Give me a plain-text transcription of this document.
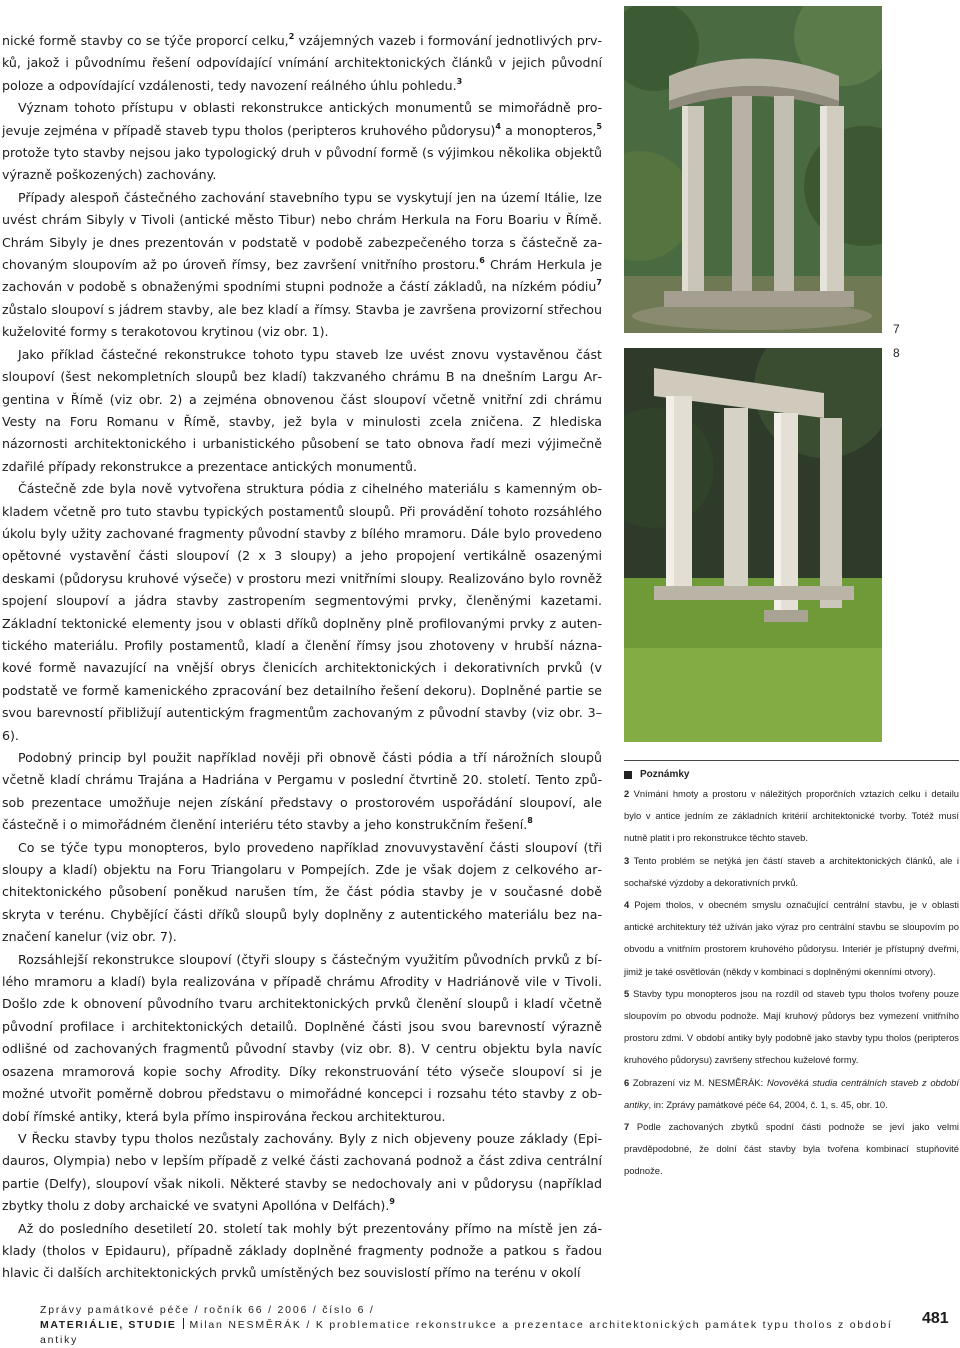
nické formě stavby co se týče proporcí celku,$^2$ vzájemných vazeb i formování jednotlivých prvků, jakož i původnímu řešení odpovídající vnímání architektonických článků v jejich původní poloze a odpovídající vzdálenosti, tedy navození reálného úhlu pohledu.$^3$

Význam tohoto přístupu v oblasti rekonstrukce antických monumentů se mimořádně projevuje zejména v případě staveb typu tholos (peripteros kruhového půdorysu)$^4$ a monopteros,$^5$ protože tyto stavby nejsou jako typologický druh v původní formě (s výjimkou několika objektů výrazně poškozených) zachovány.

Případy alespoň částečného zachování stavebního typu se vyskytují jen na území Itálie, lze uvést chrám Sibyly v Tivoli (antické město Tibur) nebo chrám Herkula na Foru Boariu v Římě. Chrám Sibyly je dnes prezentován v podstatě v podobě zabezpečeného torza s částečně zachovaným sloupovím až po úroveň římsy, bez završení vnitřního prostoru.$^6$ Chrám Herkula je zachován v podobě s obnaženými spodními stupni podnože a částí základů, na nízkém pódiu$^7$ zůstalo sloupoví s jádrem stavby, ale bez kladí a římsy. Stavba je završena provizorní střechou kuželovité formy s terakotovou krytinou (viz obr. 1).

Jako příklad částečné rekonstrukce tohoto typu staveb lze uvést znovu vystavěnou část sloupoví (šest nekompletních sloupů bez kladí) takzvaného chrámu B na dnešním Largu Argentina v Římě (viz obr. 2) a zejména obnovenou část sloupoví včetně vnitřní zdi chrámu Vesty na Foru Romanu v Římě, stavby, jež byla v minulosti zcela zničena. Z hlediska názornosti architektonického i urbanistického působení se tato obnova řadí mezi výjimečně zdařilé případy rekonstrukce a prezentace antických monumentů.

Částečně zde byla nově vytvořena struktura pódia z cihelného materiálu s kamenným obkladem včetně pro tuto stavbu typických postamentů sloupů. Při provádění tohoto rozsáhlého úkolu byly užity zachované fragmenty původní stavby z bílého mramoru. Dále bylo provedeno opětovné vystavění části sloupoví (2 x 3 sloupy) a jeho propojení vertikálně osazenými deskami (půdorysu kruhové výseče) v prostoru mezi vnitřními sloupy. Realizováno bylo rovněž spojení sloupoví a jádra stavby zastropením segmentovými prvky, členěnými kazetami. Základní tektonické elementy jsou v oblasti dříků doplněny plně profilovanými prvky z autentického materiálu. Profily postamentů, kladí a členění římsy jsou zhotoveny v hrubší náznakové formě navazující na vnější obrys členicích architektonických i dekorativních prvků (v podstatě ve formě kamenického zpracování bez detailního řešení dekoru). Doplněné partie se svou barevností přibližují autentickým fragmentům zachovaným z původní stavby (viz obr. 3–6).

Podobný princip byl použit například nověji při obnově části pódia a tří nárožních sloupů včetně kladí chrámu Trajána a Hadriána v Pergamu v poslední čtvrtině 20. století. Tento způsob prezentace umožňuje nejen získání představy o prostorovém uspořádání sloupoví, ale částečně i o mimořádném členění interiéru této stavby a jeho konstrukčním řešení.$^8$

Co se týče typu monopteros, bylo provedeno například znovuvystavění části sloupoví (tři sloupy a kladí) objektu na Foru Triangolaru v Pompejích. Zde je však dojem z celkového architektonického působení poněkud narušen tím, že část pódia stavby je v současné době skryta v terénu. Chybějící části dříků sloupů byly doplněny z autentického materiálu bez naznačení kanelur (viz obr. 7).

Rozsáhlejší rekonstrukce sloupoví (čtyři sloupy s částečným využitím původních prvků z bílého mramoru a kladí) byla realizována v případě chrámu Afrodity v Hadriánově vile v Tivoli. Došlo zde k obnovení původního tvaru architektonických prvků členění sloupů i kladí včetně původní profilace i architektonických detailů. Doplněné části jsou svou barevností výrazně odlišné od zachovaných fragmentů původní stavby (viz obr. 8). V centru objektu byla navíc osazena mramorová kopie sochy Afrodity. Díky rekonstruování této výseče sloupoví si je možné utvořit poměrně dobrou představu o mimořádné koncepci i rozsahu této stavby z období římské antiky, která byla přímo inspirována řeckou architekturou.

V Řecku stavby typu tholos nezůstaly zachovány. Byly z nich objeveny pouze základy (Epidauros, Olympia) nebo v lepším případě z velké části zachovaná podnož a část zdiva centrální partie (Delfy), sloupoví však nikoli. Některé stavby se nedochovaly ani v půdorysu (například zbytky tholu z doby archaické ve svatyni Apollóna v Delfách).$^9$

Až do posledního desetiletí 20. století tak mohly být prezentovány přímo na místě jen základy (tholos v Epidauru), případně základy doplněné fragmenty podnože a patkou s řadou hlavic či dalších architektonických prvků umístěných bez souvislostí přímo na terénu v okolí

7
8
Poznámky

2 Vnímání hmoty a prostoru v náležitých proporčních vztazích celku i detailu bylo v antice jedním ze základních kritérií architektonické tvorby. Totéž musí nutně platit i pro rekonstrukce těchto staveb.

3 Tento problém se netýká jen částí staveb a architektonických článků, ale i sochařské výzdoby a dekorativních prvků.

4 Pojem tholos, v obecném smyslu označující centrální stavbu, je v oblasti antické architektury též užíván jako výraz pro centrální stavbu se sloupovím po obvodu a vnitřním prostorem kruhového půdorysu. Interiér je přístupný dveřmi, jimiž je také osvětlován (někdy v kombinaci s doplněnými okenními otvory).

5 Stavby typu monopteros jsou na rozdíl od staveb typu tholos tvořeny pouze sloupovím po obvodu podnože. Mají kruhový půdorys bez vymezení vnitřního prostoru zdmi. V období antiky byly podobně jako stavby typu tholos (peripteros kruhového půdorysu) završeny střechou kuželové formy.

6 Zobrazení viz M. NESMĚRÁK: Novověká studia centrálních staveb z období antiky, in: Zprávy památkové péče 64, 2004, č. 1, s. 45, obr. 10.

7 Podle zachovaných zbytků spodní části podnože se jeví jako velmi pravděpodobné, že dolní část stavby byla tvořena kombinací stupňovité podnože.

Zprávy památkové péče / ročník 66 / 2006 / číslo 6 /
MATERIÁLIE, STUDIE Milan NESMĚRÁK / K problematice rekonstrukce a prezentace architektonických památek typu tholos z období antiky
481
